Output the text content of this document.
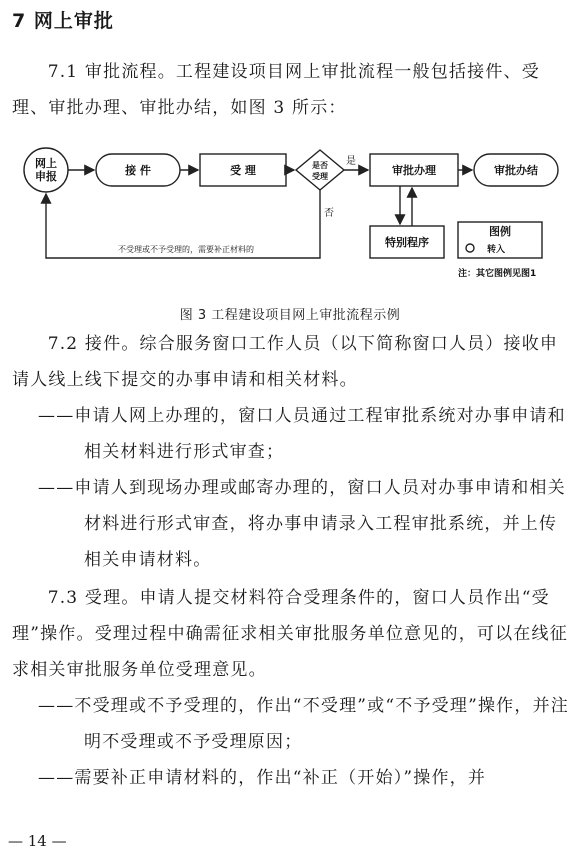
7 网上审批
7.1 审批流程。工程建设项目网上审批流程一般包括接件、受理、审批办理、审批办结，如图 3 所示：
网上
申报	接 件	受 理	是否
受理	审批办理	审批办结
特别程序
图例
转入
是
否
不受理或不予受理的，需要补正材料的
注：其它图例见图1
图 3 工程建设项目网上审批流程示例
7.2 接件。综合服务窗口工作人员（以下简称窗口人员）接收申请人线上线下提交的办事申请和相关材料。
——申请人网上办理的，窗口人员通过工程审批系统对办事申请和相关材料进行形式审查；
——申请人到现场办理或邮寄办理的，窗口人员对办事申请和相关材料进行形式审查，将办事申请录入工程审批系统，并上传相关申请材料。
7.3 受理。申请人提交材料符合受理条件的，窗口人员作出“受理”操作。受理过程中确需征求相关审批服务单位意见的，可以在线征求相关审批服务单位受理意见。
——不受理或不予受理的，作出“不受理”或“不予受理”操作，并注明不受理或不予受理原因；
——需要补正申请材料的，作出“补正（开始）”操作，并
— 14 —
